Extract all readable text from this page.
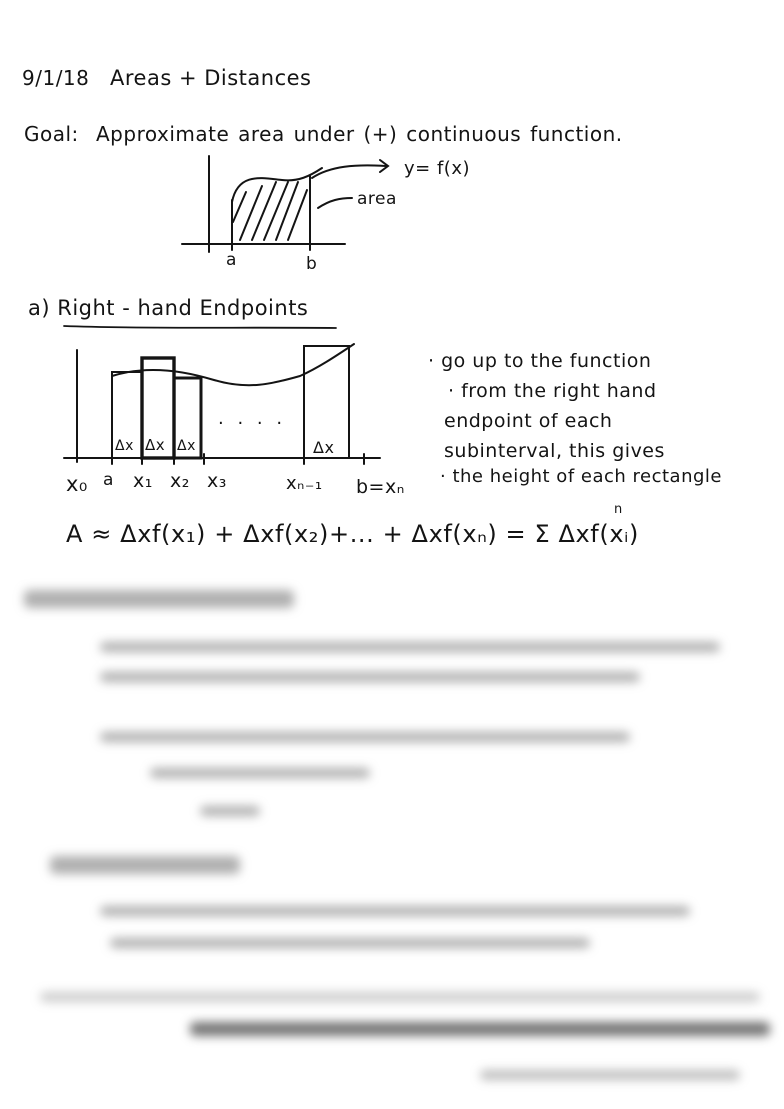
9/1/18 Areas + Distances
Goal: Approximate area under (+) continuous function.
y= f(x)
area
a	b
a) Right - hand Endpoints
Δx Δx Δx	Δx
. . . .
x₀ a x₁ x₂ x₃	xₙ₋₁ b=xₙ
· go up to the function
· from the right hand
endpoint of each
subinterval, this gives
· the height of each rectangle
n
A ≈ Δxf(x₁) + Δxf(x₂)+... + Δxf(xₙ) = Σ Δxf(xᵢ)
